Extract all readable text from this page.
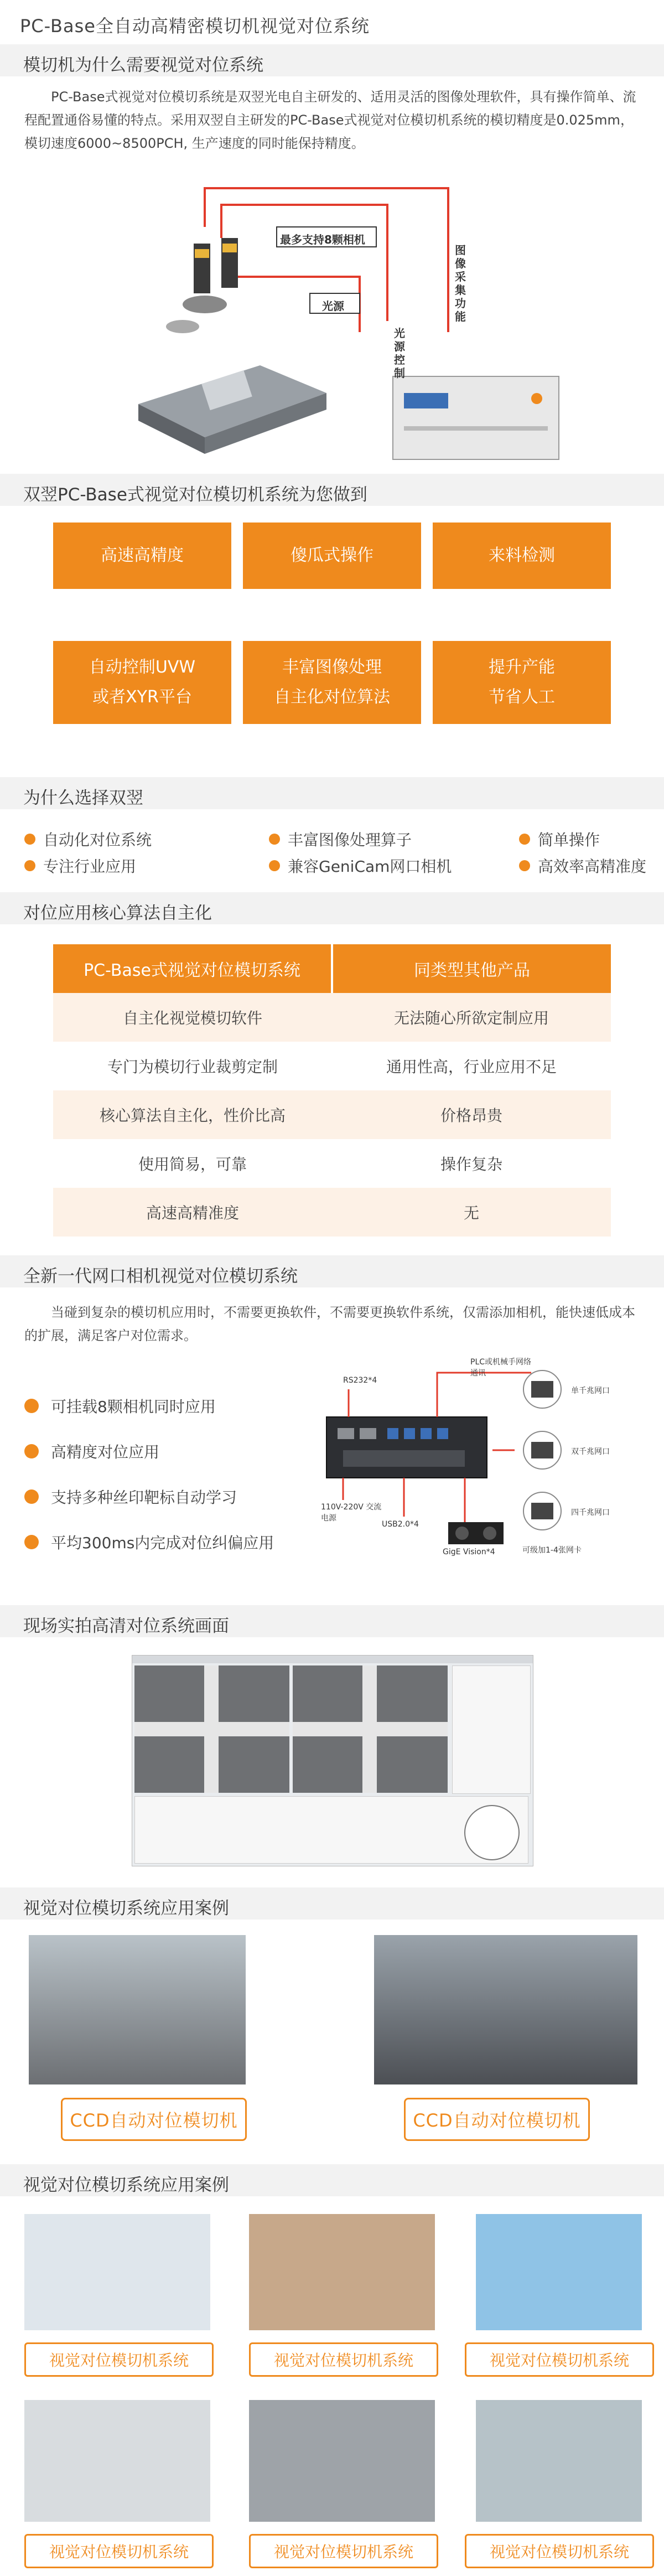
PC-Base全自动高精密模切机视觉对位系统
模切机为什么需要视觉对位系统
PC-Base式视觉对位模切系统是双翌光电自主研发的、适用灵活的图像处理软件，具有操作简单、流程配置通俗易懂的特点。采用双翌自主研发的PC-Base式视觉对位模切机系统的模切精度是0.025mm，模切速度6000~8500PCH, 生产速度的同时能保持精度。
最多支持8颗相机
光源
光源控制
图像采集功能
双翌PC-Base式视觉对位模切机系统为您做到
高速高精度	傻瓜式操作	来料检测
自动控制UVW
或者XYR平台
丰富图像处理
自主化对位算法
提升产能
节省人工
为什么选择双翌
自动化对位系统	丰富图像处理算子	简单操作
专注行业应用	兼容GeniCam网口相机	高效率高精准度
对位应用核心算法自主化
PC-Base式视觉对位模切系统	同类型其他产品
自主化视觉模切软件	无法随心所欲定制应用
专门为模切行业裁剪定制	通用性高，行业应用不足
核心算法自主化，性价比高	价格昂贵
使用简易，可靠	操作复杂
高速高精准度	无
全新一代网口相机视觉对位模切系统
当碰到复杂的模切机应用时，不需要更换软件，不需要更换软件系统，仅需添加相机，能快速低成本的扩展，满足客户对位需求。
可挂载8颗相机同时应用
高精度对位应用
支持多种丝印靶标自动学习
平均300ms内完成对位纠偏应用
RS232*4
PLC或机械手网络通讯
110V-220V 交流电源
USB2.0*4
GigE Vision*4
单千兆网口
双千兆网口
四千兆网口
可级加1-4张网卡
现场实拍高清对位系统画面
视觉对位模切系统应用案例
CCD自动对位模切机	CCD自动对位模切机
视觉对位模切系统应用案例
视觉对位模切机系统	视觉对位模切机系统	视觉对位模切机系统
视觉对位模切机系统	视觉对位模切机系统	视觉对位模切机系统
